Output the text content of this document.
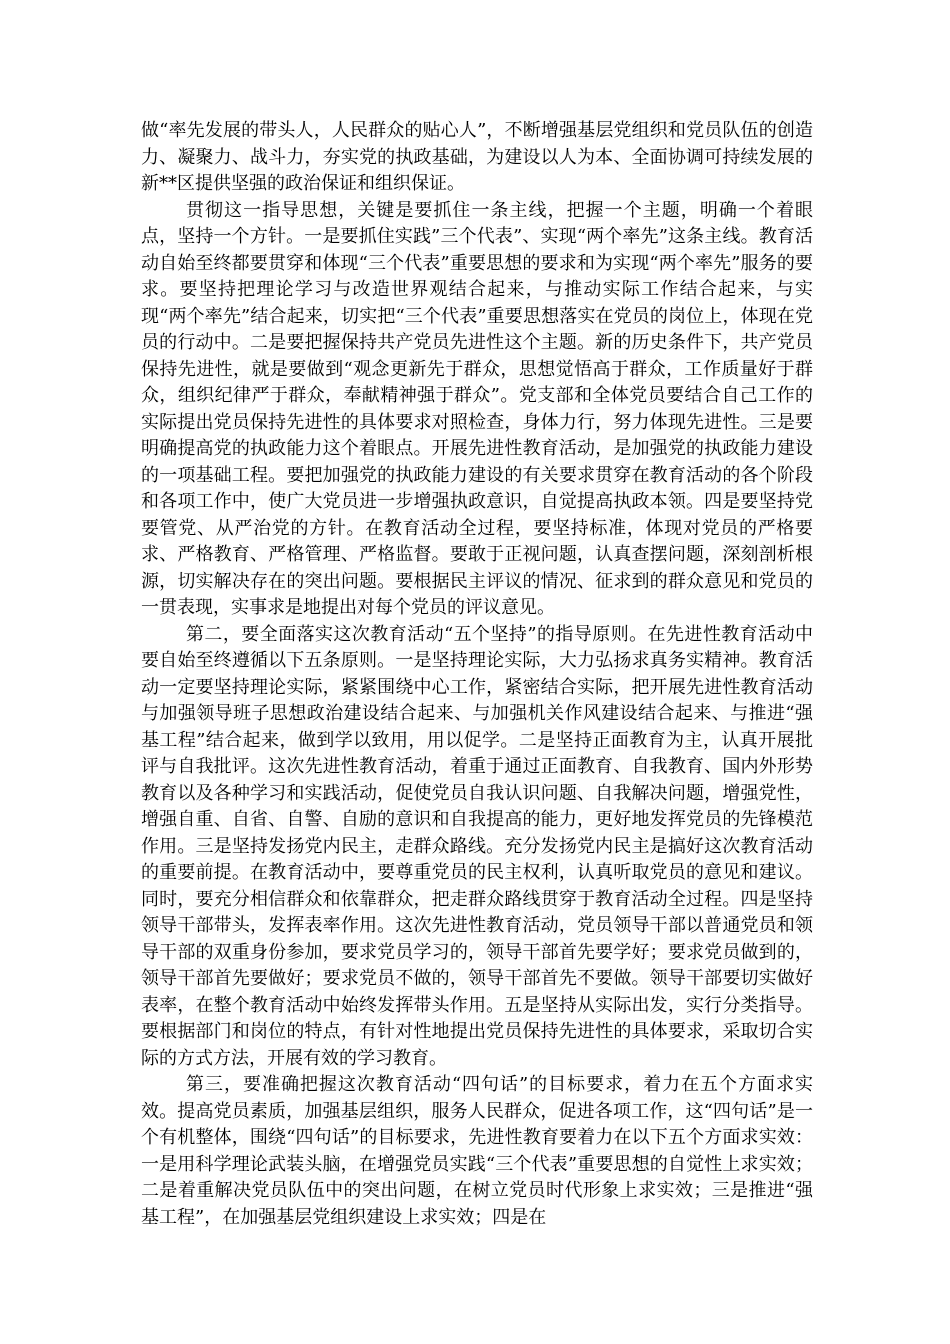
做“率先发展的带头人，人民群众的贴心人”，不断增强基层党组织和党员队伍的创造力、凝聚力、战斗力，夯实党的执政基础，为建设以人为本、全面协调可持续发展的新**区提供坚强的政治保证和组织保证。

贯彻这一指导思想，关键是要抓住一条主线，把握一个主题，明确一个着眼点，坚持一个方针。一是要抓住实践”三个代表”、实现“两个率先”这条主线。教育活动自始至终都要贯穿和体现“三个代表”重要思想的要求和为实现“两个率先”服务的要求。要坚持把理论学习与改造世界观结合起来，与推动实际工作结合起来，与实现“两个率先”结合起来，切实把“三个代表”重要思想落实在党员的岗位上，体现在党员的行动中。二是要把握保持共产党员先进性这个主题。新的历史条件下，共产党员保持先进性，就是要做到“观念更新先于群众，思想觉悟高于群众，工作质量好于群众，组织纪律严于群众，奉献精神强于群众”。党支部和全体党员要结合自己工作的实际提出党员保持先进性的具体要求对照检查，身体力行，努力体现先进性。三是要明确提高党的执政能力这个着眼点。开展先进性教育活动，是加强党的执政能力建设的一项基础工程。要把加强党的执政能力建设的有关要求贯穿在教育活动的各个阶段和各项工作中，使广大党员进一步增强执政意识，自觉提高执政本领。四是要坚持党要管党、从严治党的方针。在教育活动全过程，要坚持标准，体现对党员的严格要求、严格教育、严格管理、严格监督。要敢于正视问题，认真查摆问题，深刻剖析根源，切实解决存在的突出问题。要根据民主评议的情况、征求到的群众意见和党员的一贯表现，实事求是地提出对每个党员的评议意见。

第二，要全面落实这次教育活动“五个坚持”的指导原则。在先进性教育活动中要自始至终遵循以下五条原则。一是坚持理论实际，大力弘扬求真务实精神。教育活动一定要坚持理论实际，紧紧围绕中心工作，紧密结合实际，把开展先进性教育活动与加强领导班子思想政治建设结合起来、与加强机关作风建设结合起来、与推进“强基工程”结合起来，做到学以致用，用以促学。二是坚持正面教育为主，认真开展批评与自我批评。这次先进性教育活动，着重于通过正面教育、自我教育、国内外形势教育以及各种学习和实践活动，促使党员自我认识问题、自我解决问题，增强党性，增强自重、自省、自警、自励的意识和自我提高的能力，更好地发挥党员的先锋模范作用。三是坚持发扬党内民主，走群众路线。充分发扬党内民主是搞好这次教育活动的重要前提。在教育活动中，要尊重党员的民主权利，认真听取党员的意见和建议。同时，要充分相信群众和依靠群众，把走群众路线贯穿于教育活动全过程。四是坚持领导干部带头，发挥表率作用。这次先进性教育活动，党员领导干部以普通党员和领导干部的双重身份参加，要求党员学习的，领导干部首先要学好；要求党员做到的，领导干部首先要做好；要求党员不做的，领导干部首先不要做。领导干部要切实做好表率，在整个教育活动中始终发挥带头作用。五是坚持从实际出发，实行分类指导。要根据部门和岗位的特点，有针对性地提出党员保持先进性的具体要求，采取切合实际的方式方法，开展有效的学习教育。

第三，要准确把握这次教育活动“四句话”的目标要求，着力在五个方面求实效。提高党员素质，加强基层组织，服务人民群众，促进各项工作，这“四句话”是一个有机整体，围绕“四句话”的目标要求，先进性教育要着力在以下五个方面求实效：一是用科学理论武装头脑，在增强党员实践“三个代表”重要思想的自觉性上求实效；二是着重解决党员队伍中的突出问题，在树立党员时代形象上求实效；三是推进“强基工程”，在加强基层党组织建设上求实效；四是在
